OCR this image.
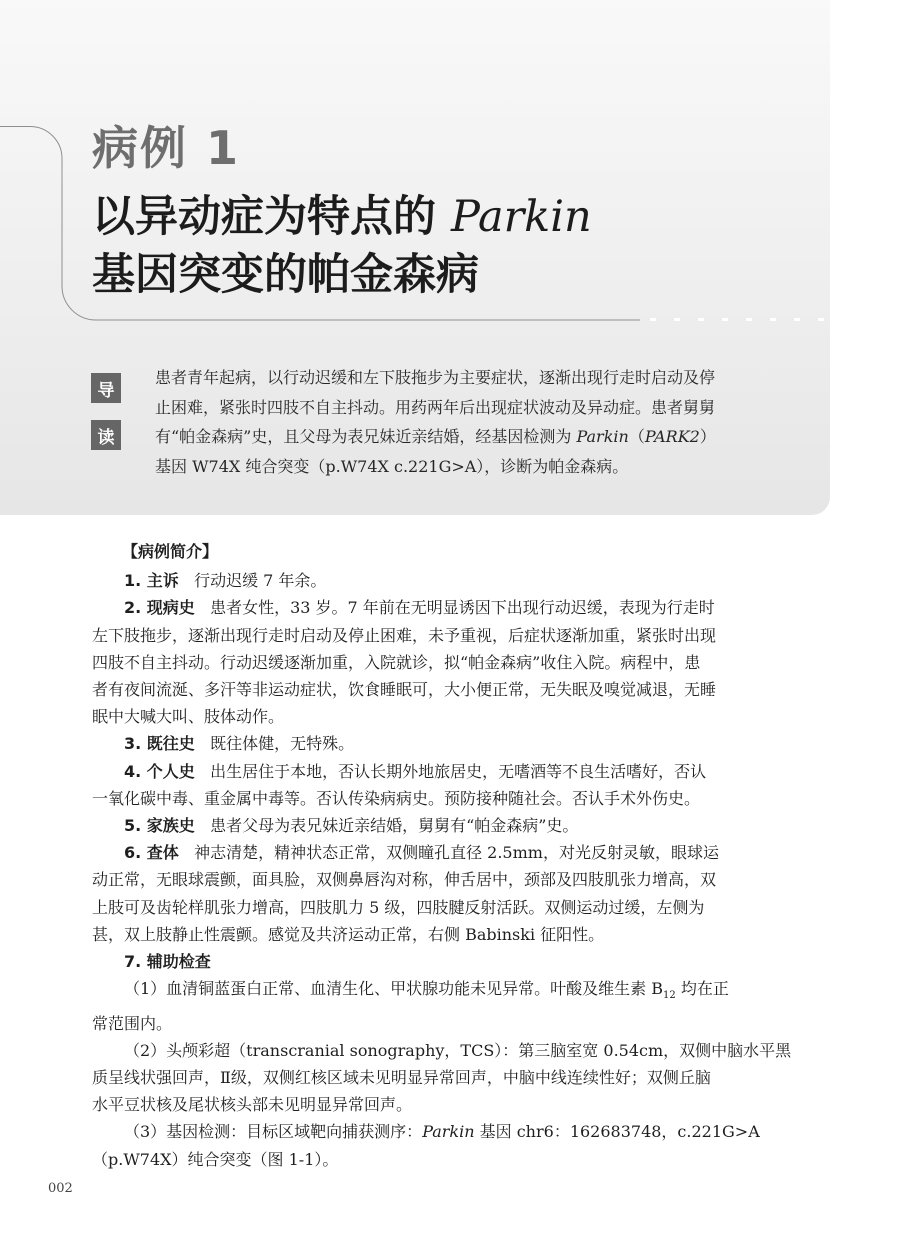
病例 1
以异动症为特点的 Parkin
基因突变的帕金森病
导
读
患者青年起病，以行动迟缓和左下肢拖步为主要症状，逐渐出现行走时启动及停
止困难，紧张时四肢不自主抖动。用药两年后出现症状波动及异动症。患者舅舅
有“帕金森病”史，且父母为表兄妹近亲结婚，经基因检测为 Parkin（PARK2）
基因 W74X 纯合突变（p.W74X c.221G>A），诊断为帕金森病。

【病例简介】

1. 主诉 行动迟缓 7 年余。

2. 现病史 患者女性，33 岁。7 年前在无明显诱因下出现行动迟缓，表现为行走时

左下肢拖步，逐渐出现行走时启动及停止困难，未予重视，后症状逐渐加重，紧张时出现

四肢不自主抖动。行动迟缓逐渐加重，入院就诊，拟“帕金森病”收住入院。病程中，患

者有夜间流涎、多汗等非运动症状，饮食睡眠可，大小便正常，无失眠及嗅觉减退，无睡

眠中大喊大叫、肢体动作。

3. 既往史 既往体健，无特殊。

4. 个人史 出生居住于本地，否认长期外地旅居史，无嗜酒等不良生活嗜好，否认

一氧化碳中毒、重金属中毒等。否认传染病病史。预防接种随社会。否认手术外伤史。

5. 家族史 患者父母为表兄妹近亲结婚，舅舅有“帕金森病”史。

6. 查体 神志清楚，精神状态正常，双侧瞳孔直径 2.5mm，对光反射灵敏，眼球运

动正常，无眼球震颤，面具脸，双侧鼻唇沟对称，伸舌居中，颈部及四肢肌张力增高，双

上肢可及齿轮样肌张力增高，四肢肌力 5 级，四肢腱反射活跃。双侧运动过缓，左侧为

甚，双上肢静止性震颤。感觉及共济运动正常，右侧 Babinski 征阳性。

7. 辅助检查

（1）血清铜蓝蛋白正常、血清生化、甲状腺功能未见异常。叶酸及维生素 $B_{12}$ 均在正

常范围内。

（2）头颅彩超（transcranial sonography，TCS）：第三脑室宽 0.54cm，双侧中脑水平黑

质呈线状强回声，Ⅱ级，双侧红核区域未见明显异常回声，中脑中线连续性好；双侧丘脑

水平豆状核及尾状核头部未见明显异常回声。

（3）基因检测：目标区域靶向捕获测序：Parkin 基因 chr6：162683748，c.221G>A

（p.W74X）纯合突变（图 1-1）。

002
